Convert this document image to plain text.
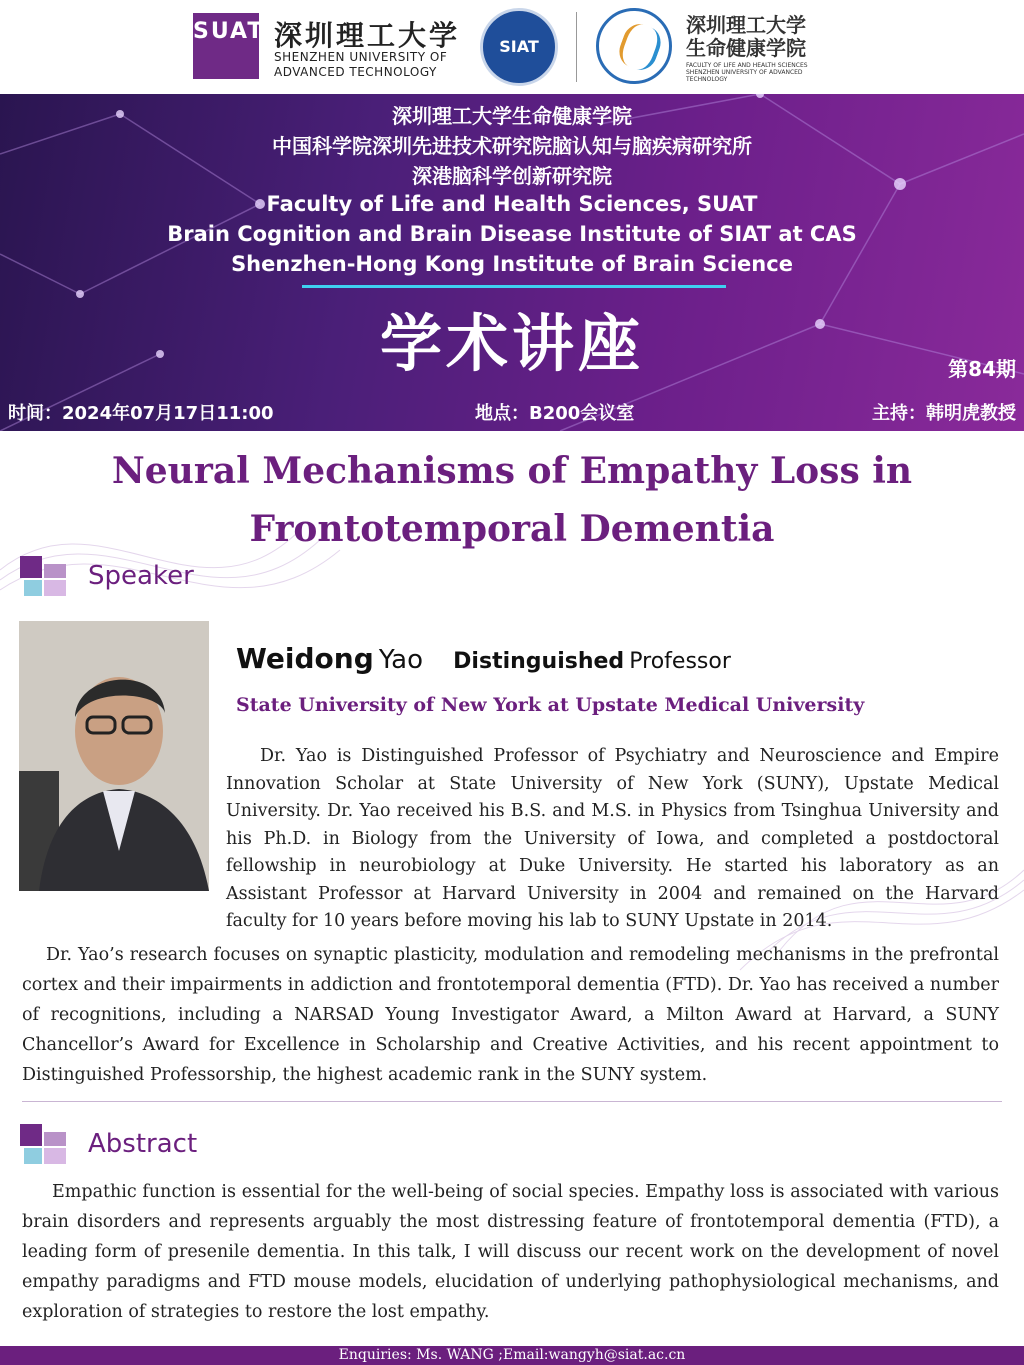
SUAT 深圳理工大学
SHENZHEN UNIVERSITY OF
ADVANCED TECHNOLOGY
SIAT
深圳理工大学
生命健康学院
FACULTY OF LIFE AND HEALTH SCIENCES
SHENZHEN UNIVERSITY OF ADVANCED TECHNOLOGY
深圳理工大学生命健康学院
中国科学院深圳先进技术研究院脑认知与脑疾病研究所
深港脑科学创新研究院
Faculty of Life and Health Sciences, SUAT
Brain Cognition and Brain Disease Institute of SIAT at CAS
Shenzhen-Hong Kong Institute of Brain Science
学术讲座	第84期
时间：2024年07月17日11:00	地点：B200会议室	主持：韩明虎教授
Neural Mechanisms of Empathy Loss in
Frontotemporal Dementia
Speaker
Weidong Yao Distinguished Professor
State University of New York at Upstate Medical University

Dr. Yao is Distinguished Professor of Psychiatry and Neuroscience and Empire Innovation Scholar at State University of New York (SUNY), Upstate Medical University. Dr. Yao received his B.S. and M.S. in Physics from Tsinghua University and his Ph.D. in Biology from the University of Iowa, and completed a postdoctoral fellowship in neurobiology at Duke University. He started his laboratory as an Assistant Professor at Harvard University in 2004 and remained on the Harvard faculty for 10 years before moving his lab to SUNY Upstate in 2014.

Dr. Yao’s research focuses on synaptic plasticity, modulation and remodeling mechanisms in the prefrontal cortex and their impairments in addiction and frontotemporal dementia (FTD). Dr. Yao has received a number of recognitions, including a NARSAD Young Investigator Award, a Milton Award at Harvard, a SUNY Chancellor’s Award for Excellence in Scholarship and Creative Activities, and his recent appointment to Distinguished Professorship, the highest academic rank in the SUNY system.

Abstract

Empathic function is essential for the well-being of social species. Empathy loss is associated with various brain disorders and represents arguably the most distressing feature of frontotemporal dementia (FTD), a leading form of presenile dementia. In this talk, I will discuss our recent work on the development of novel empathy paradigms and FTD mouse models, elucidation of underlying pathophysiological mechanisms, and exploration of strategies to restore the lost empathy.

Enquiries: Ms. WANG ;Email:wangyh@siat.ac.cn
